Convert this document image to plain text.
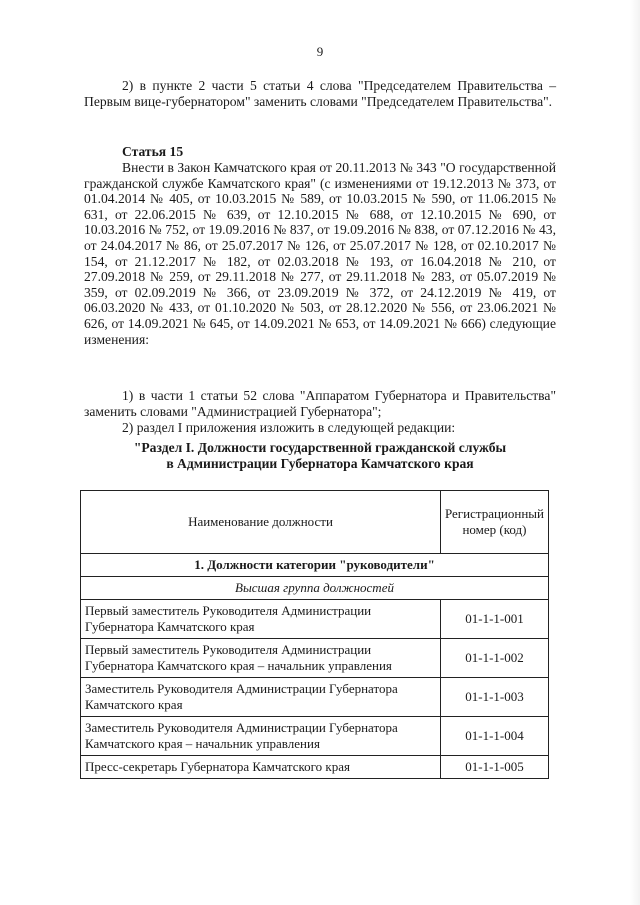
9
2) в пункте 2 части 5 статьи 4 слова "Председателем Правительства – Первым вице-губернатором" заменить словами "Председателем Правительства".
Статья 15
Внести в Закон Камчатского края от 20.11.2013 № 343 "О государственной гражданской службе Камчатского края" (с изменениями от 19.12.2013 № 373, от 01.04.2014 № 405, от 10.03.2015 № 589, от 10.03.2015 № 590, от 11.06.2015 № 631, от 22.06.2015 № 639, от 12.10.2015 № 688, от 12.10.2015 № 690, от 10.03.2016 № 752, от 19.09.2016 № 837, от 19.09.2016 № 838, от 07.12.2016 № 43, от 24.04.2017 № 86, от 25.07.2017 № 126, от 25.07.2017 № 128, от 02.10.2017 № 154, от 21.12.2017 № 182, от 02.03.2018 № 193, от 16.04.2018 № 210, от 27.09.2018 № 259, от 29.11.2018 № 277, от 29.11.2018 № 283, от 05.07.2019 № 359, от 02.09.2019 № 366, от 23.09.2019 № 372, от 24.12.2019 № 419, от 06.03.2020 № 433, от 01.10.2020 № 503, от 28.12.2020 № 556, от 23.06.2021 № 626, от 14.09.2021 № 645, от 14.09.2021 № 653, от 14.09.2021 № 666) следующие изменения:
1) в части 1 статьи 52 слова "Аппаратом Губернатора и Правительства" заменить словами "Администрацией Губернатора";
2) раздел I приложения изложить в следующей редакции:
"Раздел I. Должности государственной гражданской службы
в Администрации Губернатора Камчатского края
Наименование должности	Регистрационный номер (код)
1. Должности категории "руководители"	
Высшая группа должностей	
Первый заместитель Руководителя Администрации Губернатора Камчатского края	01-1-1-001
Первый заместитель Руководителя Администрации Губернатора Камчатского края – начальник управления	01-1-1-002
Заместитель Руководителя Администрации Губернатора Камчатского края	01-1-1-003
Заместитель Руководителя Администрации Губернатора Камчатского края – начальник управления	01-1-1-004
Пресс-секретарь Губернатора Камчатского края	01-1-1-005
